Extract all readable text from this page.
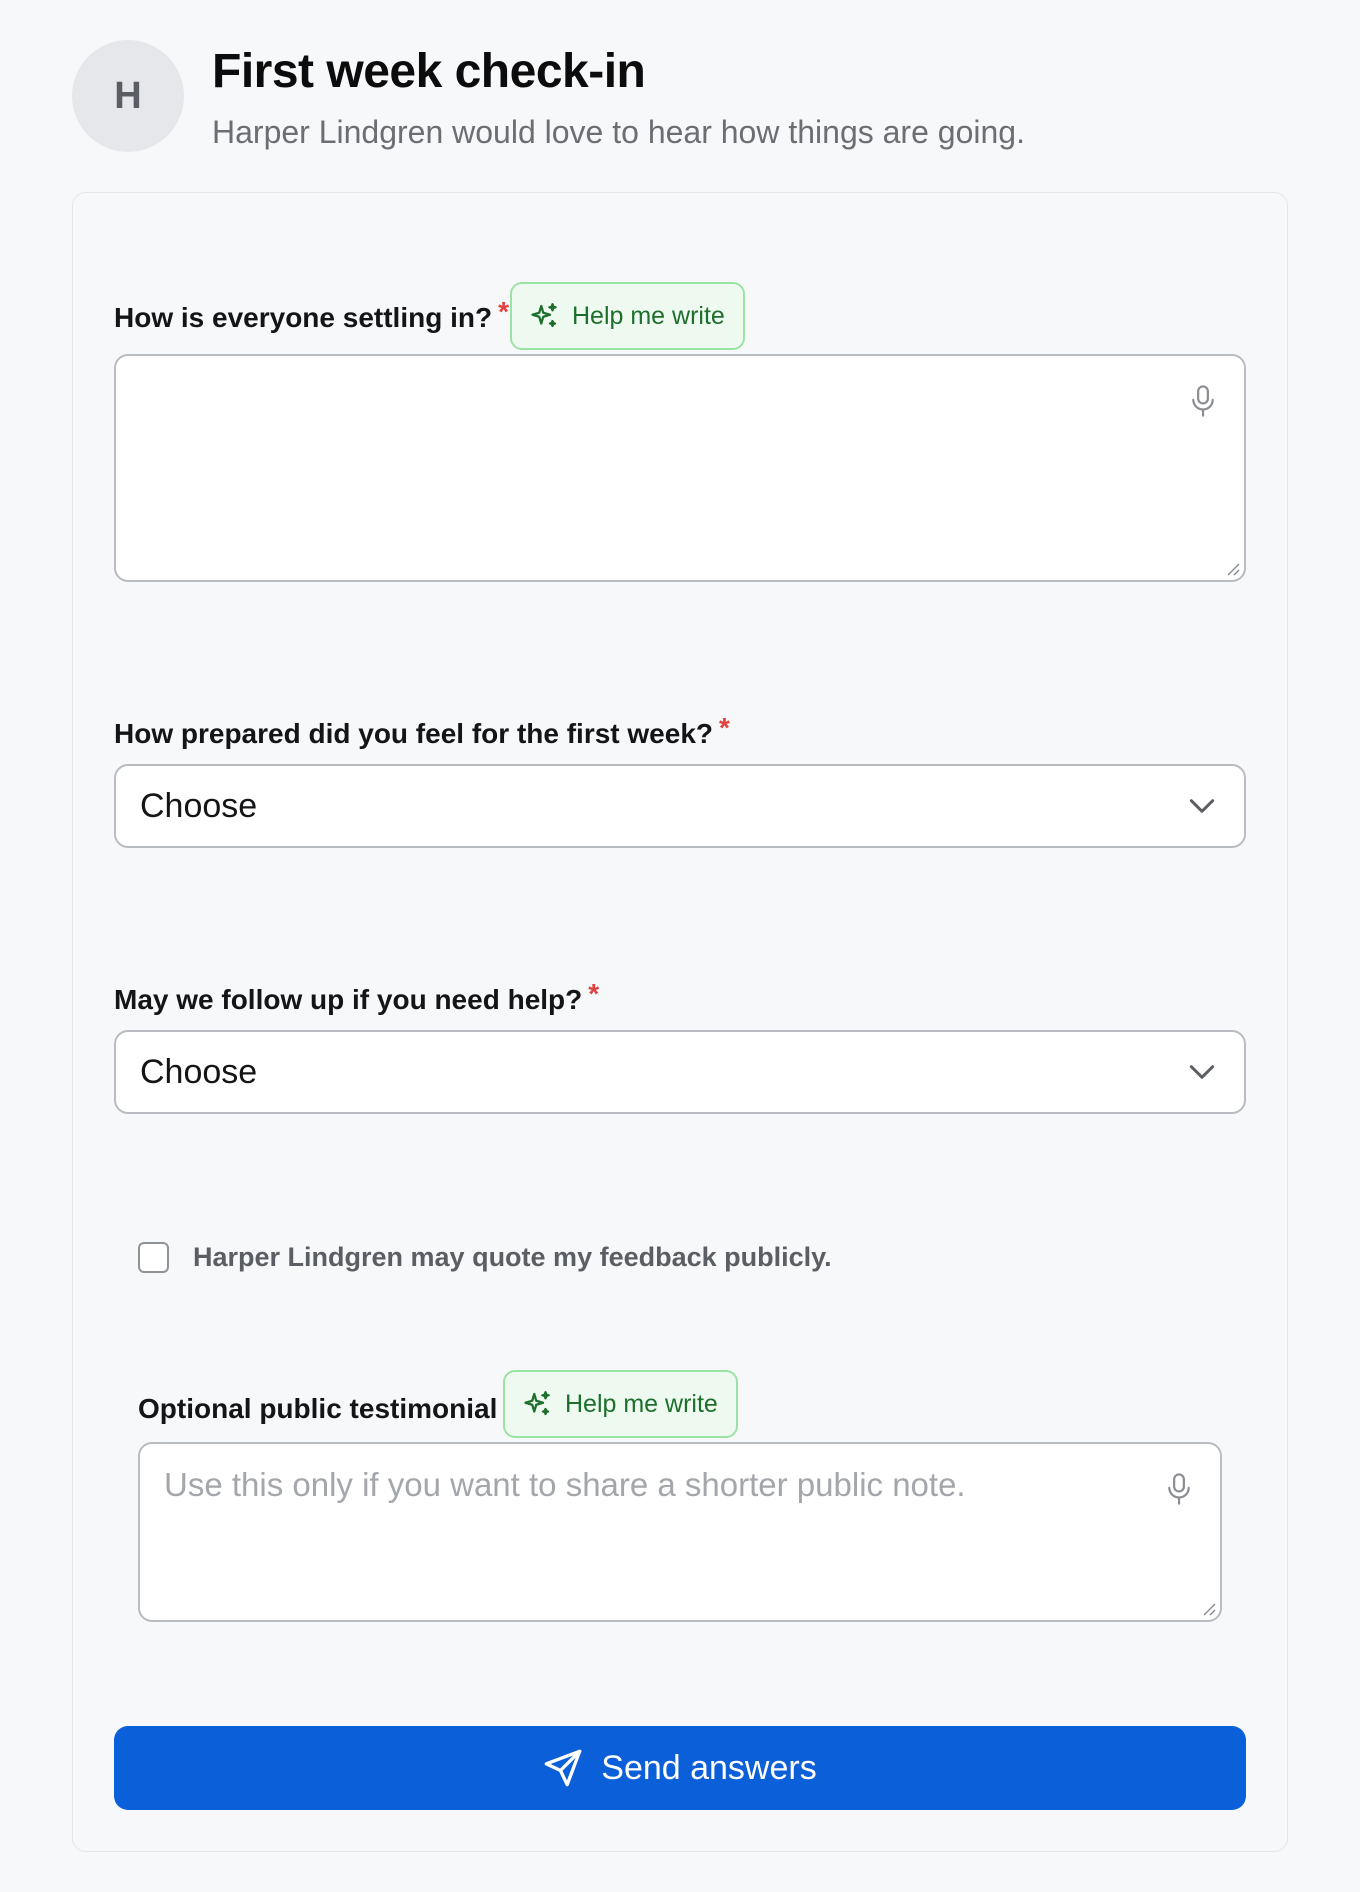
H	First week check-in
Harper Lindgren would love to hear how things are going.
How is everyone settling in? *	Help me write
How prepared did you feel for the first week? *
Choose
May we follow up if you need help? *
Choose
Harper Lindgren may quote my feedback publicly.
Optional public testimonial	Help me write
Use this only if you want to share a shorter public note.
Send answers
